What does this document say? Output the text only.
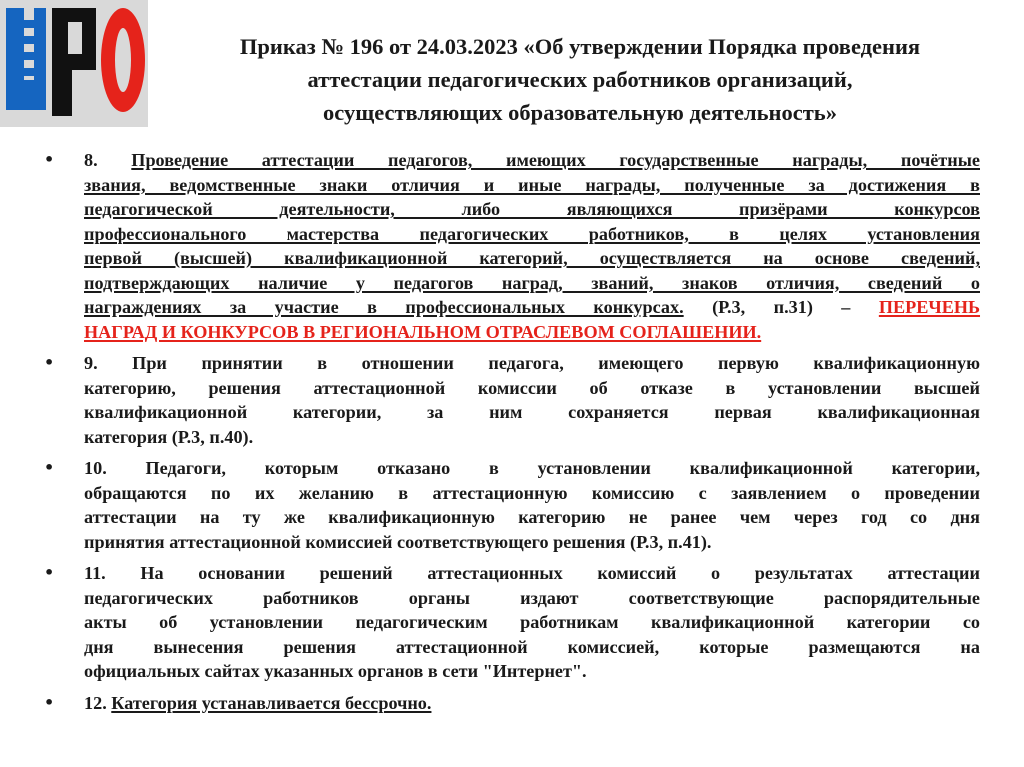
Приказ № 196 от 24.03.2023 «Об утверждении Порядка проведения
аттестации педагогических работников организаций,
осуществляющих образовательную деятельность»
• 8. Проведение аттестации педагогов, имеющих государственные награды, почётные
звания, ведомственные знаки отличия и иные награды, полученные за достижения в
педагогической деятельности, либо являющихся призёрами конкурсов
профессионального мастерства педагогических работников, в целях установления
первой (высшей) квалификационной категорий, осуществляется на основе сведений,
подтверждающих наличие у педагогов наград, званий, знаков отличия, сведений о
награждениях за участие в профессиональных конкурсах. (Р.3, п.31) – ПЕРЕЧЕНЬ
НАГРАД И КОНКУРСОВ В РЕГИОНАЛЬНОМ ОТРАСЛЕВОМ СОГЛАШЕНИИ.
• 9. При принятии в отношении педагога, имеющего первую квалификационную
категорию, решения аттестационной комиссии об отказе в установлении высшей
квалификационной категории, за ним сохраняется первая квалификационная
категория (Р.3, п.40).
• 10. Педагоги, которым отказано в установлении квалификационной категории,
обращаются по их желанию в аттестационную комиссию с заявлением о проведении
аттестации на ту же квалификационную категорию не ранее чем через год со дня
принятия аттестационной комиссией соответствующего решения (Р.3, п.41).
• 11. На основании решений аттестационных комиссий о результатах аттестации
педагогических работников органы издают соответствующие распорядительные
акты об установлении педагогическим работникам квалификационной категории со
дня вынесения решения аттестационной комиссией, которые размещаются на
официальных сайтах указанных органов в сети "Интернет".
• 12. Категория устанавливается бессрочно.
